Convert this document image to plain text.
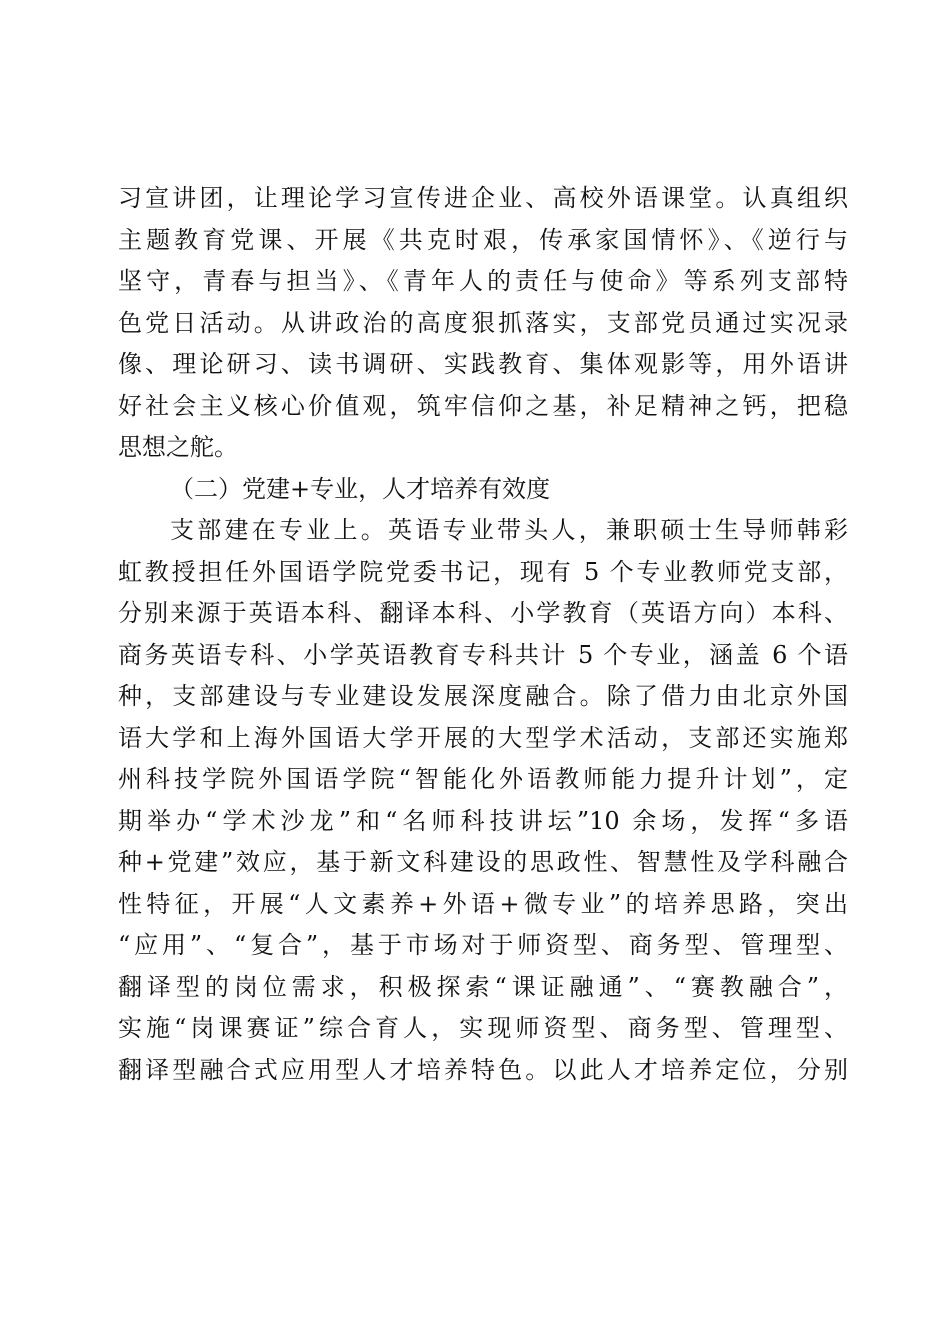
习宣讲团，让理论学习宣传进企业、高校外语课堂。认真组织
主题教育党课、开展《共克时艰，传承家国情怀》、《逆行与
坚守，青春与担当》、《青年人的责任与使命》等系列支部特
色党日活动。从讲政治的高度狠抓落实，支部党员通过实况录
像、理论研习、读书调研、实践教育、集体观影等，用外语讲
好社会主义核心价值观，筑牢信仰之基，补足精神之钙，把稳
思想之舵。
（二）党建+专业，人才培养有效度
支部建在专业上。英语专业带头人，兼职硕士生导师韩彩
虹教授担任外国语学院党委书记，现有 5 个专业教师党支部，
分别来源于英语本科、翻译本科、小学教育（英语方向）本科、
商务英语专科、小学英语教育专科共计 5 个专业，涵盖 6 个语
种，支部建设与专业建设发展深度融合。除了借力由北京外国
语大学和上海外国语大学开展的大型学术活动，支部还实施郑
州科技学院外国语学院“智能化外语教师能力提升计划”，定
期举办“学术沙龙”和“名师科技讲坛”10 余场，发挥“多语
种+党建”效应，基于新文科建设的思政性、智慧性及学科融合
性特征，开展“人文素养+外语+微专业”的培养思路，突出
“应用”、“复合”，基于市场对于师资型、商务型、管理型、
翻译型的岗位需求，积极探索“课证融通”、“赛教融合”，
实施“岗课赛证”综合育人，实现师资型、商务型、管理型、
翻译型融合式应用型人才培养特色。以此人才培养定位，分别
